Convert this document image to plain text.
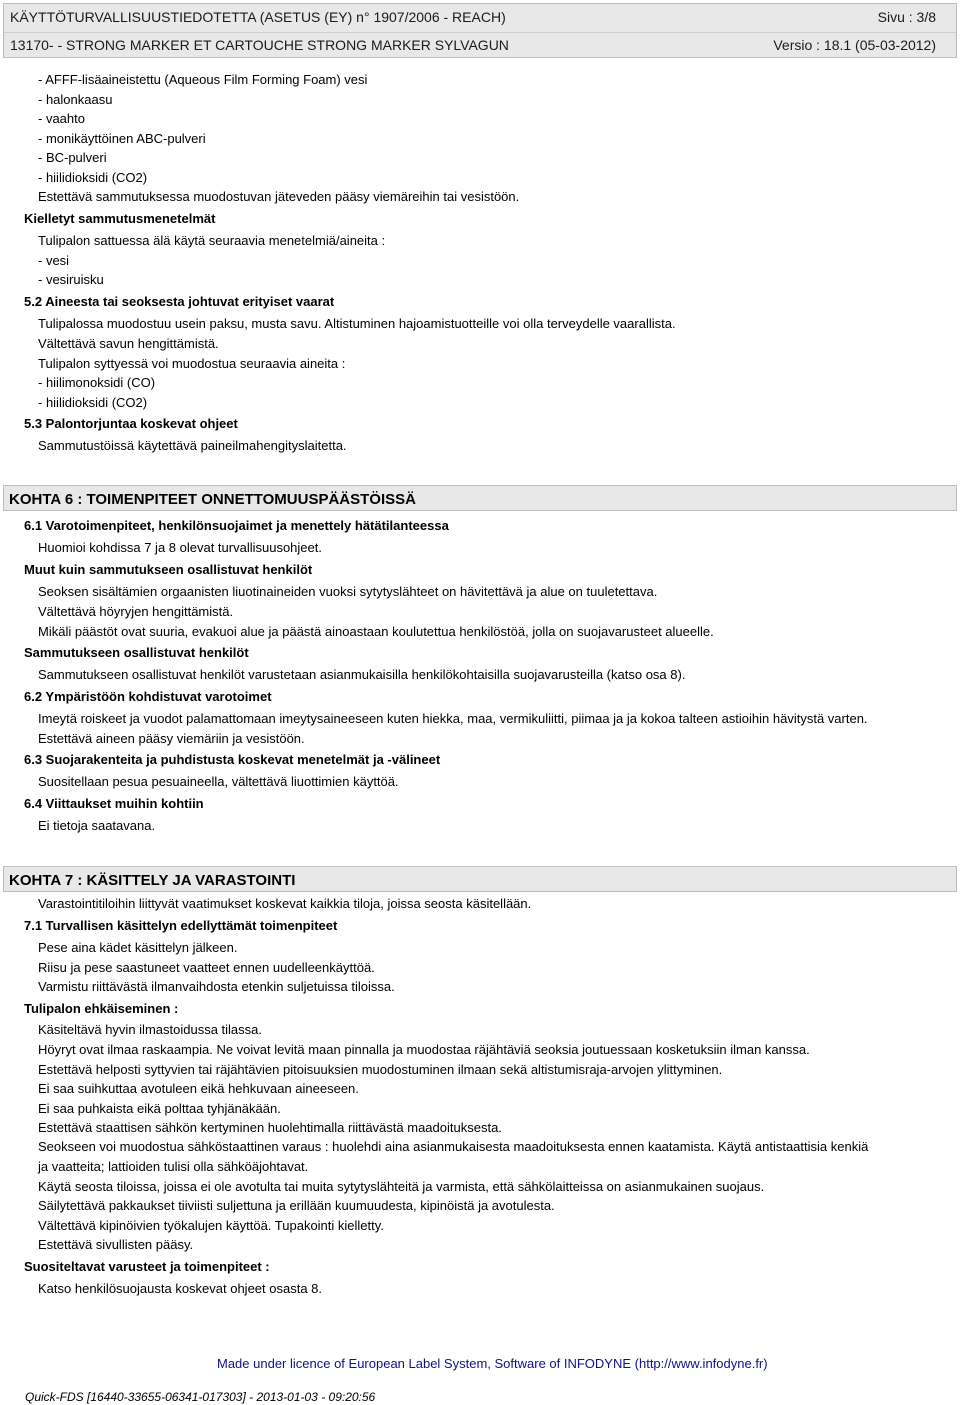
KÄYTTÖTURVALLISUUSTIEDOTETTA (ASETUS (EY) n° 1907/2006 - REACH)	Sivu : 3/8
13170- - STRONG MARKER ET CARTOUCHE STRONG MARKER SYLVAGUN	Versio : 18.1 (05-03-2012)
- AFFF-lisäaineistettu (Aqueous Film Forming Foam) vesi
- halonkaasu
- vaahto
- monikäyttöinen ABC-pulveri
- BC-pulveri
- hiilidioksidi (CO2)
Estettävä sammutuksessa muodostuvan jäteveden pääsy viemäreihin tai vesistöön.
Kielletyt sammutusmenetelmät
Tulipalon sattuessa älä käytä seuraavia menetelmiä/aineita :
- vesi
- vesiruisku
5.2 Aineesta tai seoksesta johtuvat erityiset vaarat
Tulipalossa muodostuu usein paksu, musta savu. Altistuminen hajoamistuotteille voi olla terveydelle vaarallista.
Vältettävä savun hengittämistä.
Tulipalon syttyessä voi muodostua seuraavia aineita :
- hiilimonoksidi (CO)
- hiilidioksidi (CO2)
5.3 Palontorjuntaa koskevat ohjeet
Sammutustöissä käytettävä paineilmahengityslaitetta.
KOHTA 6 : TOIMENPITEET ONNETTOMUUSPÄÄSTÖISSÄ
6.1 Varotoimenpiteet, henkilönsuojaimet ja menettely hätätilanteessa
Huomioi kohdissa 7 ja 8 olevat turvallisuusohjeet.
Muut kuin sammutukseen osallistuvat henkilöt
Seoksen sisältämien orgaanisten liuotinaineiden vuoksi sytytyslähteet on hävitettävä ja alue on tuuletettava.
Vältettävä höyryjen hengittämistä.
Mikäli päästöt ovat suuria, evakuoi alue ja päästä ainoastaan koulutettua henkilöstöä, jolla on suojavarusteet alueelle.
Sammutukseen osallistuvat henkilöt
Sammutukseen osallistuvat henkilöt varustetaan asianmukaisilla henkilökohtaisilla suojavarusteilla (katso osa 8).
6.2 Ympäristöön kohdistuvat varotoimet
Imeytä roiskeet ja vuodot palamattomaan imeytysaineeseen kuten hiekka, maa, vermikuliitti, piimaa ja ja kokoa talteen astioihin hävitystä varten.
Estettävä aineen pääsy viemäriin ja vesistöön.
6.3 Suojarakenteita ja puhdistusta koskevat menetelmät ja -välineet
Suositellaan pesua pesuaineella, vältettävä liuottimien käyttöä.
6.4 Viittaukset muihin kohtiin
Ei tietoja saatavana.
KOHTA 7 : KÄSITTELY JA VARASTOINTI
Varastointitiloihin liittyvät vaatimukset koskevat kaikkia tiloja, joissa seosta käsitellään.
7.1 Turvallisen käsittelyn edellyttämät toimenpiteet
Pese aina kädet käsittelyn jälkeen.
Riisu ja pese saastuneet vaatteet ennen uudelleenkäyttöä.
Varmistu riittävästä ilmanvaihdosta etenkin suljetuissa tiloissa.
Tulipalon ehkäiseminen :
Käsiteltävä hyvin ilmastoidussa tilassa.
Höyryt ovat ilmaa raskaampia. Ne voivat levitä maan pinnalla ja muodostaa räjähtäviä seoksia joutuessaan kosketuksiin ilman kanssa.
Estettävä helposti syttyvien tai räjähtävien pitoisuuksien muodostuminen ilmaan sekä altistumisraja-arvojen ylittyminen.
Ei saa suihkuttaa avotuleen eikä hehkuvaan aineeseen.
Ei saa puhkaista eikä polttaa tyhjänäkään.
Estettävä staattisen sähkön kertyminen huolehtimalla riittävästä maadoituksesta.
Seokseen voi muodostua sähköstaattinen varaus : huolehdi aina asianmukaisesta maadoituksesta ennen kaatamista. Käytä antistaattisia kenkiä
ja vaatteita; lattioiden tulisi olla sähköäjohtavat.
Käytä seosta tiloissa, joissa ei ole avotulta tai muita sytytyslähteitä ja varmista, että sähkölaitteissa on asianmukainen suojaus.
Säilytettävä pakkaukset tiiviisti suljettuna ja erillään kuumuudesta, kipinöistä ja avotulesta.
Vältettävä kipinöivien työkalujen käyttöä. Tupakointi kielletty.
Estettävä sivullisten pääsy.
Suositeltavat varusteet ja toimenpiteet :
Katso henkilösuojausta koskevat ohjeet osasta 8.
Made under licence of European Label System, Software of INFODYNE (http://www.infodyne.fr)
Quick-FDS [16440-33655-06341-017303] - 2013-01-03 - 09:20:56
